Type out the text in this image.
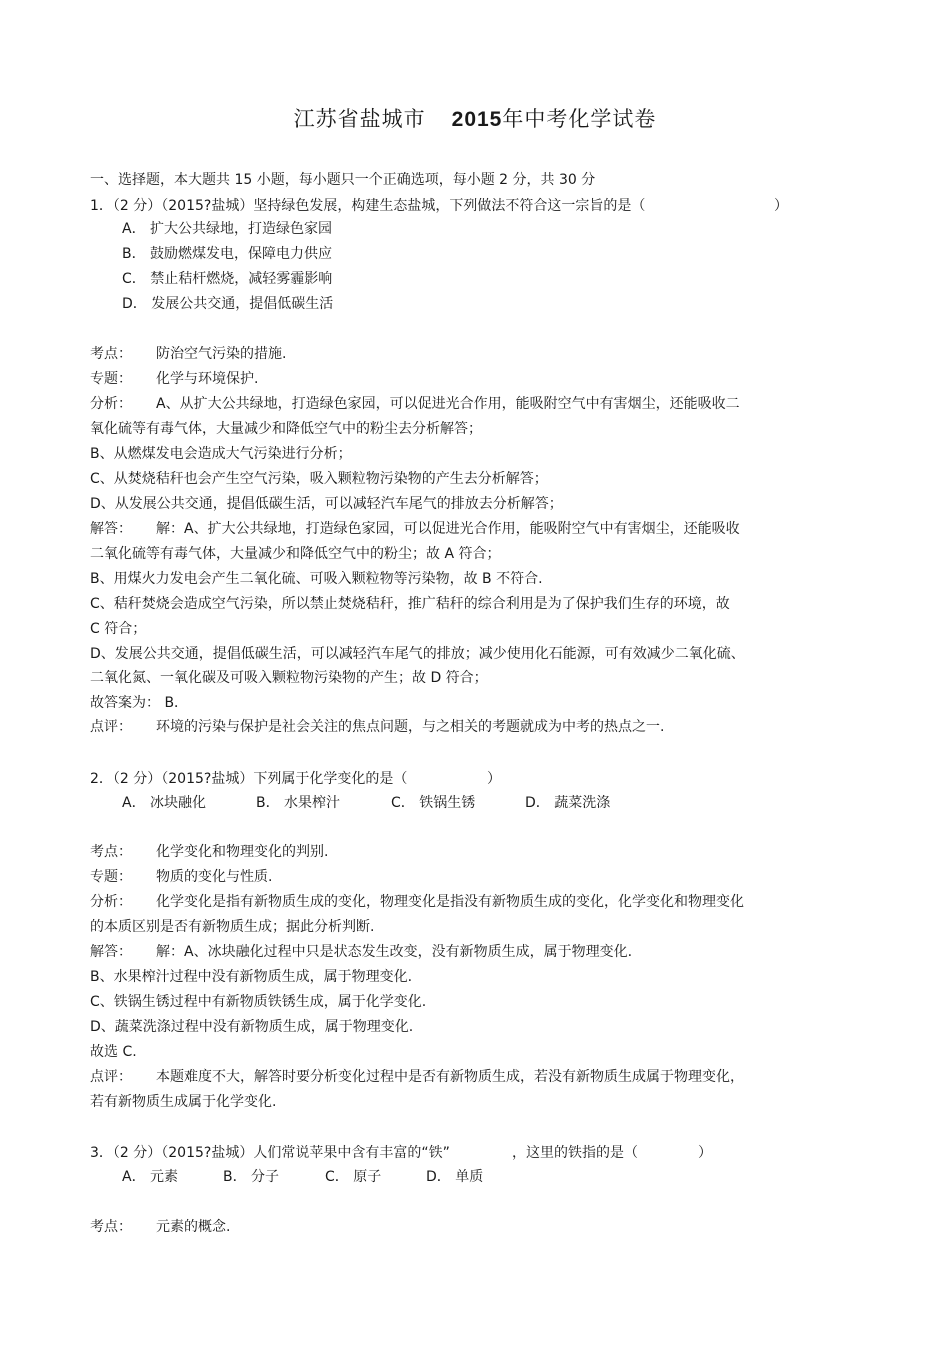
江苏省盐城市 2015年中考化学试卷
一、选择题，本大题共 15 小题，每小题只一个正确选项，每小题 2 分，共 30 分
1．（2 分）（2015?盐城）坚持绿色发展，构建生态盐城，下列做法不符合这一宗旨的是（	）
A． 扩大公共绿地，打造绿色家园
B． 鼓励燃煤发电，保障电力供应
C． 禁止秸杆燃烧，减轻雾霾影响
D． 发展公共交通，提倡低碳生活
考点： 防治空气污染的措施.
专题： 化学与环境保护.
分析： A、从扩大公共绿地，打造绿色家园，可以促进光合作用，能吸附空气中有害烟尘，还能吸收二
氧化硫等有毒气体，大量减少和降低空气中的粉尘去分析解答；
B、从燃煤发电会造成大气污染进行分析；
C、从焚烧秸秆也会产生空气污染，吸入颗粒物污染物的产生去分析解答；
D、从发展公共交通，提倡低碳生活，可以减轻汽车尾气的排放去分析解答；
解答： 解：A、扩大公共绿地，打造绿色家园，可以促进光合作用，能吸附空气中有害烟尘，还能吸收
二氧化硫等有毒气体，大量减少和降低空气中的粉尘；故 A 符合；
B、用煤火力发电会产生二氧化硫、可吸入颗粒物等污染物，故 B 不符合.
C、秸秆焚烧会造成空气污染，所以禁止焚烧秸秆，推广秸秆的综合利用是为了保护我们生存的环境，故
C 符合；
D、发展公共交通，提倡低碳生活，可以减轻汽车尾气的排放；减少使用化石能源，可有效减少二氧化硫、
二氧化氮、一氧化碳及可吸入颗粒物污染物的产生；故 D 符合；
故答案为： B．
点评： 环境的污染与保护是社会关注的焦点问题，与之相关的考题就成为中考的热点之一.
2．（2 分）（2015?盐城）下列属于化学变化的是（	）
A． 冰块融化	B． 水果榨汁	C． 铁锅生锈	D． 蔬菜洗涤
考点： 化学变化和物理变化的判别.
专题： 物质的变化与性质.
分析： 化学变化是指有新物质生成的变化，物理变化是指没有新物质生成的变化，化学变化和物理变化
的本质区别是否有新物质生成；据此分析判断.
解答： 解：A、冰块融化过程中只是状态发生改变，没有新物质生成，属于物理变化.
B、水果榨汁过程中没有新物质生成，属于物理变化.
C、铁锅生锈过程中有新物质铁锈生成，属于化学变化.
D、蔬菜洗涤过程中没有新物质生成，属于物理变化.
故选 C.
点评： 本题难度不大，解答时要分析变化过程中是否有新物质生成，若没有新物质生成属于物理变化，
若有新物质生成属于化学变化.
3．（2 分）（2015?盐城）人们常说苹果中含有丰富的“铁”	，这里的铁指的是（	）
A． 元素	B． 分子	C． 原子	D． 单质
考点： 元素的概念.
